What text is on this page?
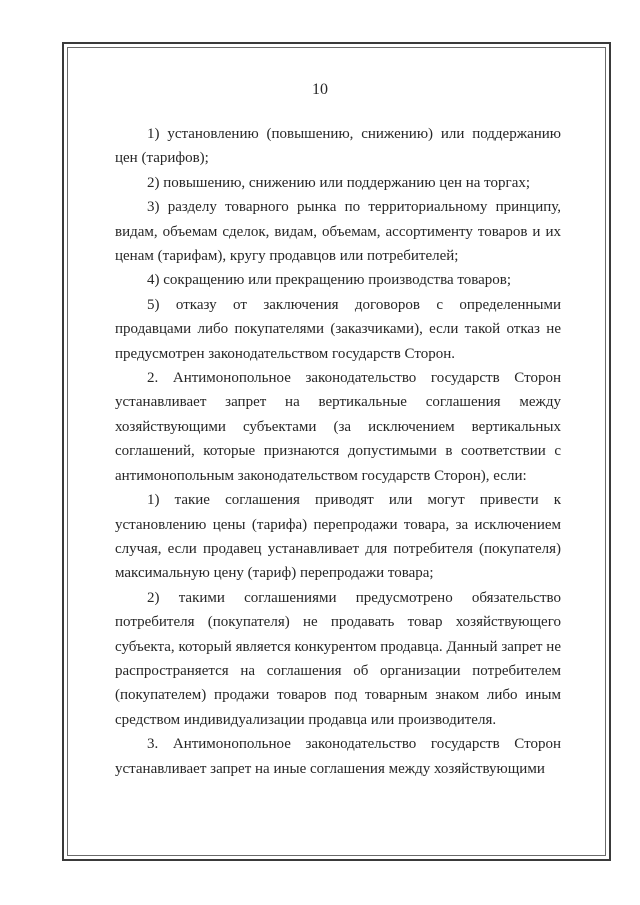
10

1) установлению (повышению, снижению) или поддержанию цен (тарифов);

2) повышению, снижению или поддержанию цен на торгах;

3) разделу товарного рынка по территориальному принципу, видам, объемам сделок, видам, объемам, ассортименту товаров и их ценам (тарифам), кругу продавцов или потребителей;

4) сокращению или прекращению производства товаров;

5) отказу от заключения договоров с определенными продавцами либо покупателями (заказчиками), если такой отказ не предусмотрен законодательством государств Сторон.

2. Антимонопольное законодательство государств Сторон устанавливает запрет на вертикальные соглашения между хозяйствующими субъектами (за исключением вертикальных соглашений, которые признаются допустимыми в соответствии с антимонопольным законодательством государств Сторон), если:

1) такие соглашения приводят или могут привести к установлению цены (тарифа) перепродажи товара, за исключением случая, если продавец устанавливает для потребителя (покупателя) максимальную цену (тариф) перепродажи товара;

2) такими соглашениями предусмотрено обязательство потребителя (покупателя) не продавать товар хозяйствующего субъекта, который является конкурентом продавца. Данный запрет не распространяется на соглашения об организации потребителем (покупателем) продажи товаров под товарным знаком либо иным средством индивидуализации продавца или производителя.

3. Антимонопольное законодательство государств Сторон устанавливает запрет на иные соглашения между хозяйствующими
